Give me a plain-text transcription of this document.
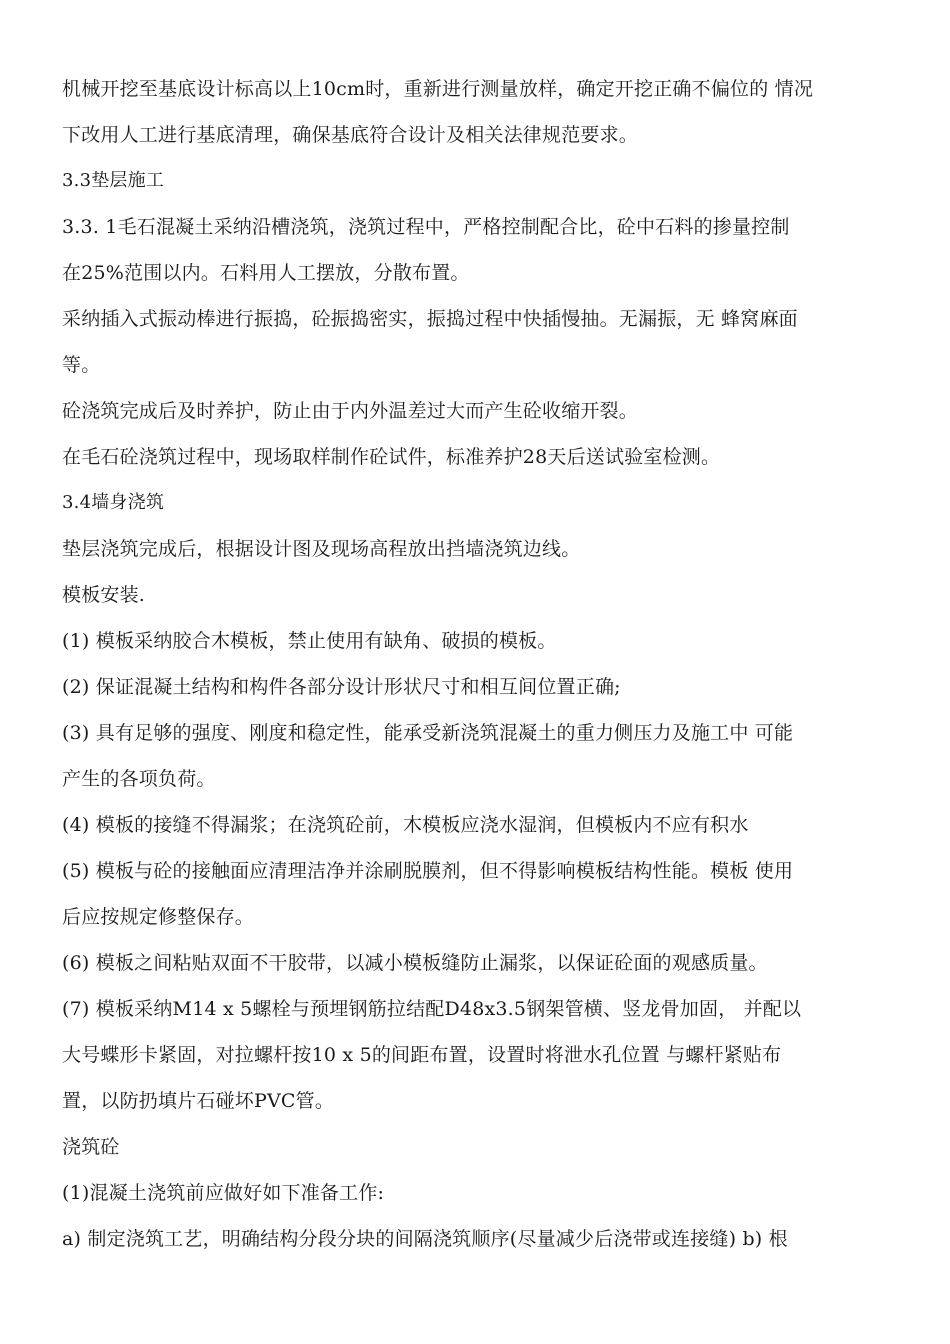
机械开挖至基底设计标高以上10cm时，重新进行测量放样，确定开挖正确不偏位的 情况
下改用人工进行基底清理，确保基底符合设计及相关法律规范要求。
3.3垫层施工
3.3. 1毛石混凝土采纳沿槽浇筑，浇筑过程中，严格控制配合比，砼中石料的掺量控制
在25%范围以内。石料用人工摆放，分散布置。
采纳插入式振动棒进行振捣，砼振捣密实，振捣过程中快插慢抽。无漏振，无 蜂窝麻面
等。
砼浇筑完成后及时养护，防止由于内外温差过大而产生砼收缩开裂。
在毛石砼浇筑过程中，现场取样制作砼试件，标准养护28天后送试验室检测。
3.4墙身浇筑
垫层浇筑完成后，根据设计图及现场高程放出挡墙浇筑边线。
模板安装.
(1) 模板采纳胶合木模板，禁止使用有缺角、破损的模板。
(2) 保证混凝土结构和构件各部分设计形状尺寸和相互间位置正确;
(3) 具有足够的强度、刚度和稳定性，能承受新浇筑混凝土的重力侧压力及施工中 可能
产生的各项负荷。
(4) 模板的接缝不得漏浆；在浇筑砼前，木模板应浇水湿润，但模板内不应有积水
(5) 模板与砼的接触面应清理洁净并涂刷脱膜剂，但不得影响模板结构性能。模板 使用
后应按规定修整保存。
(6) 模板之间粘贴双面不干胶带，以减小模板缝防止漏浆，以保证砼面的观感质量。
(7) 模板采纳M14 x 5螺栓与预埋钢筋拉结配D48x3.5钢架管横、竖龙骨加固， 并配以
大号蝶形卡紧固，对拉螺杆按10 x 5的间距布置，设置时将泄水孔位置 与螺杆紧贴布
置，以防扔填片石碰坏PVC管。
浇筑砼
(1)混凝土浇筑前应做好如下准备工作:
a) 制定浇筑工艺，明确结构分段分块的间隔浇筑顺序(尽量减少后浇带或连接缝) b) 根
